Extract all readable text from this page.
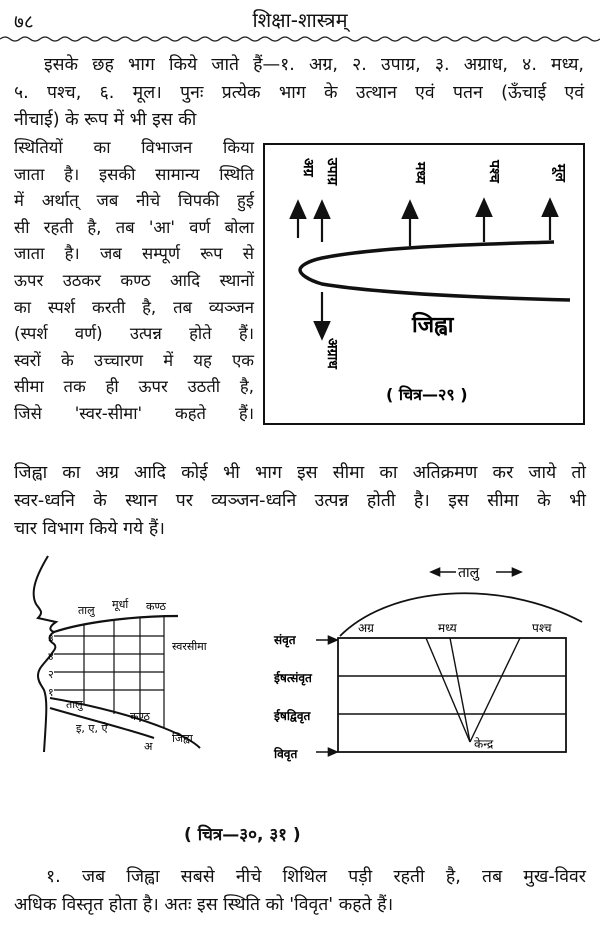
७८	शिक्षा-शास्त्रम्

इसके छह भाग किये जाते हैं—१. अग्र, २. उपाग्र, ३. अग्राध, ४. मध्य,

५. पश्च, ६. मूल। पुनः प्रत्येक भाग के उत्थान एवं पतन (ऊँचाई एवं

नीचाई) के रूप में भी इस की

स्थितियों का विभाजन किया

जाता है। इसकी सामान्य स्थिति

में अर्थात् जब नीचे चिपकी हुई

सी रहती है, तब 'आ' वर्ण बोला

जाता है। जब सम्पूर्ण रूप से

ऊपर उठकर कण्ठ आदि स्थानों

का स्पर्श करती है, तब व्यञ्जन

(स्पर्श वर्ण) उत्पन्न होते हैं।

स्वरों के उच्चारण में यह एक

सीमा तक ही ऊपर उठती है,

जिसे 'स्वर-सीमा' कहते हैं।

अग्र उपाग्र	मध्य	पश्च	मूल
अग्राध
जिह्वा
( चित्र—२९ )

जिह्वा का अग्र आदि कोई भी भाग इस सीमा का अतिक्रमण कर जाये तो

स्वर-ध्वनि के स्थान पर व्यञ्जन-ध्वनि उत्पन्न होती है। इस सीमा के भी

चार विभाग किये गये हैं।

तालु मूर्धा कण्ठ
स्वरसीमा
३
४
२
१
तालु
कण्ठ
इ, ए, ऐ
अ
जिह्वा
तालु
अग्र	मध्य	पश्च
केन्द्र
संवृत
ईषत्संवृत
ईषद्विवृत
विवृत
( चित्र—३०, ३१ )

१. जब जिह्वा सबसे नीचे शिथिल पड़ी रहती है, तब मुख-विवर

अधिक विस्तृत होता है। अतः इस स्थिति को 'विवृत' कहते हैं।
